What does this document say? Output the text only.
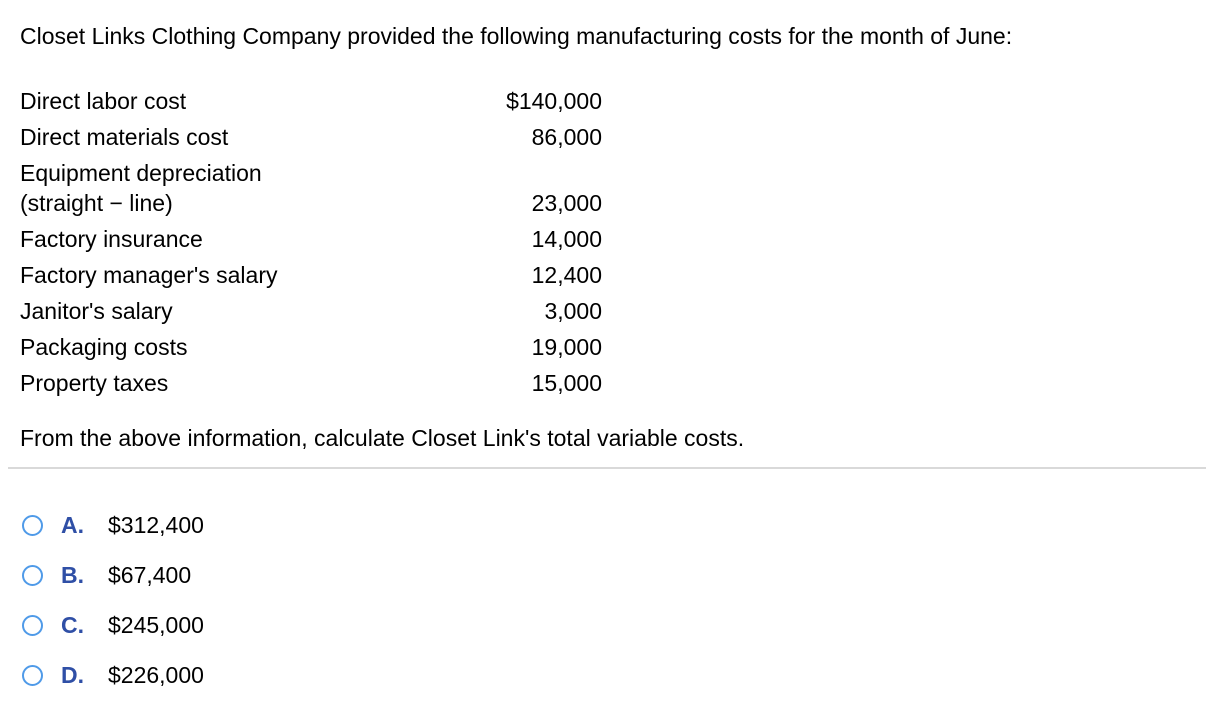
Closet Links Clothing Company provided the following manufacturing costs for the month of June:
Direct labor cost	$140,000
Direct materials cost	86,000
Equipment depreciation
(straight − line)	23,000
Factory insurance	14,000
Factory manager's salary	12,400
Janitor's salary	3,000
Packaging costs	19,000
Property taxes	15,000
From the above information, calculate Closet Link's total variable costs.
A.	$312,400
B.	$67,400
C.	$245,000
D.	$226,000
